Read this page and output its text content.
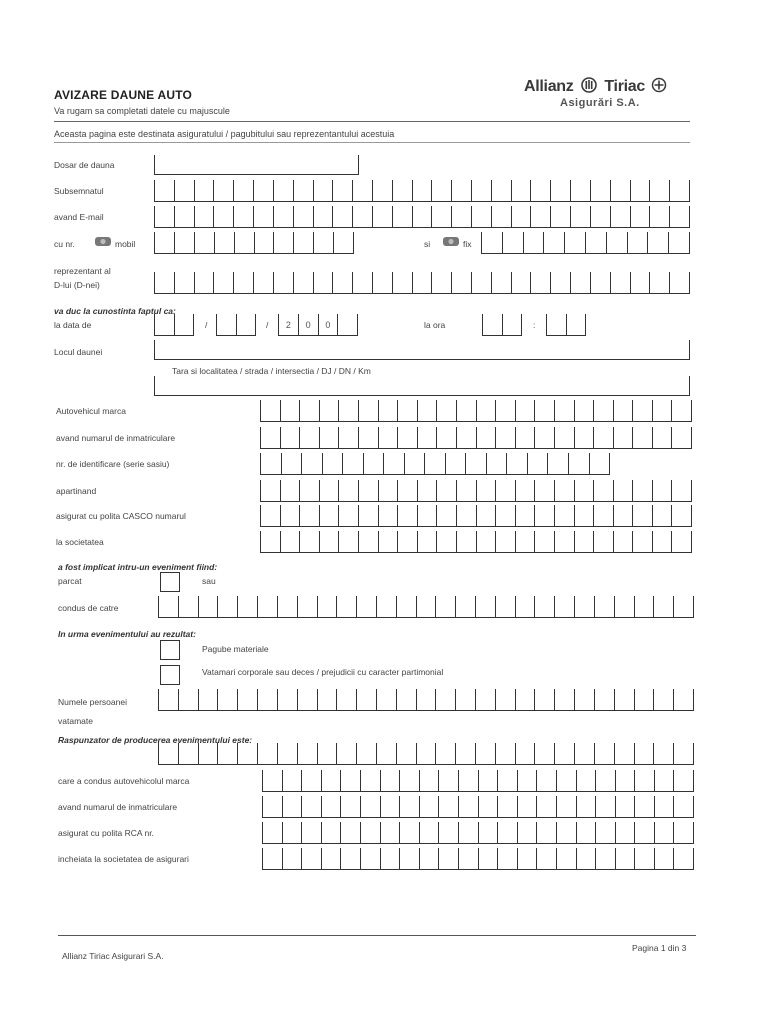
AVIZARE DAUNE AUTO
Va rugam sa completati datele cu majuscule
Allianz Tiriac
Asigurări S.A.
Aceasta pagina este destinata asiguratului / pagubitului sau reprezentantului acestuia
Dosar de dauna
Subsemnatul
avand E-mail
cu nr.	mobil	si	fix
reprezentant al
D-lui (D-nei)
va duc la cunostinta faptul ca:
la data de	/	/	2	0	0	la ora	:
Locul daunei
Tara si localitatea / strada / intersectia / DJ / DN / Km
Autovehicul marca
avand numarul de inmatriculare
nr. de identificare (serie sasiu)
apartinand
asigurat cu polita CASCO numarul
la societatea
a fost implicat intru-un eveniment fiind:
parcat	sau
condus de catre
In urma evenimentului au rezultat:
Pagube materiale
Vatamari corporale sau deces / prejudicii cu caracter partimonial
Numele persoanei
vatamate
Raspunzator de producerea evenimentului este:
care a condus autovehicolul marca
avand numarul de inmatriculare
asigurat cu polita RCA nr.
incheiata la societatea de asigurari
Pagina 1 din 3
Allianz Tiriac Asigurari S.A.
